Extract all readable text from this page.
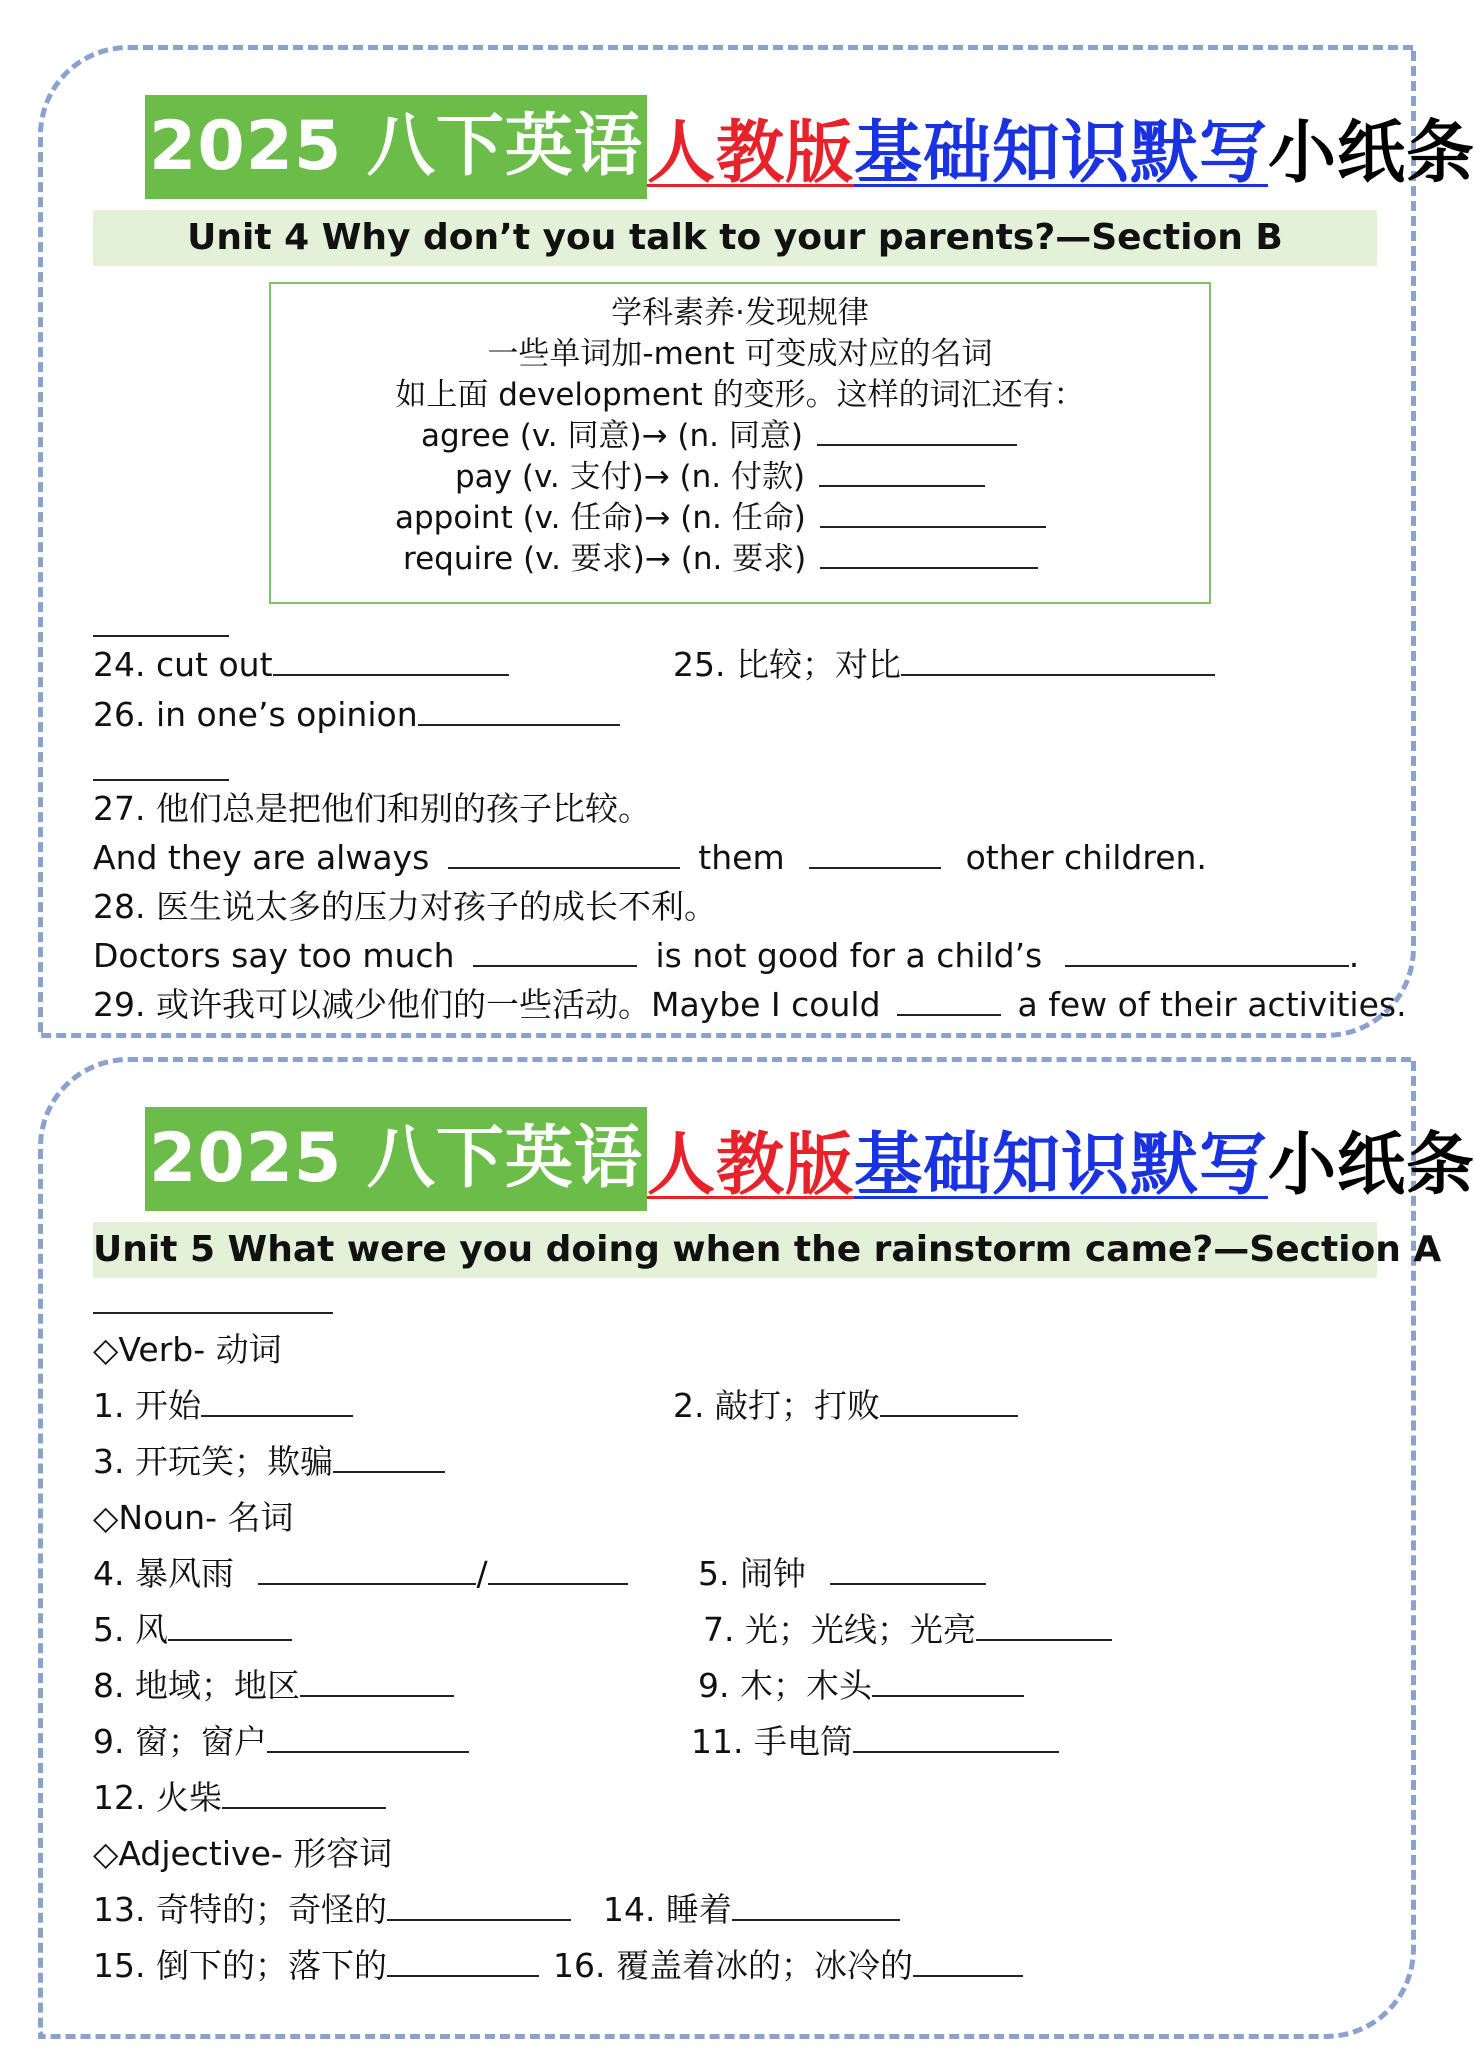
2025 八下英语 人教版 基础知识默写 小纸条
Unit 4 Why don’t you talk to your parents?—Section B
学科素养·发现规律
一些单词加-ment 可变成对应的名词
如上面 development 的变形。这样的词汇还有：
agree (v. 同意)→ (n. 同意)
pay (v. 支付)→ (n. 付款)
appoint (v. 任命)→ (n. 任命)
require (v. 要求)→ (n. 要求)
24. cut out	25. 比较；对比
26. in one’s opinion
27. 他们总是把他们和别的孩子比较。
And they are always	them	other children.
28. 医生说太多的压力对孩子的成长不利。
Doctors say too much	is not good for a child’s	.
29. 或许我可以减少他们的一些活动。Maybe I could	a few of their activities.
2025 八下英语 人教版 基础知识默写 小纸条
Unit 5 What were you doing when the rainstorm came?—Section A
◇Verb- 动词
1. 开始	2. 敲打；打败
3. 开玩笑；欺骗
◇Noun- 名词
4. 暴风雨	/	5. 闹钟
5. 风	7. 光；光线；光亮
8. 地域；地区	9. 木；木头
9. 窗；窗户	11. 手电筒
12. 火柴
◇Adjective- 形容词
13. 奇特的；奇怪的	14. 睡着
15. 倒下的；落下的	16. 覆盖着冰的；冰冷的
